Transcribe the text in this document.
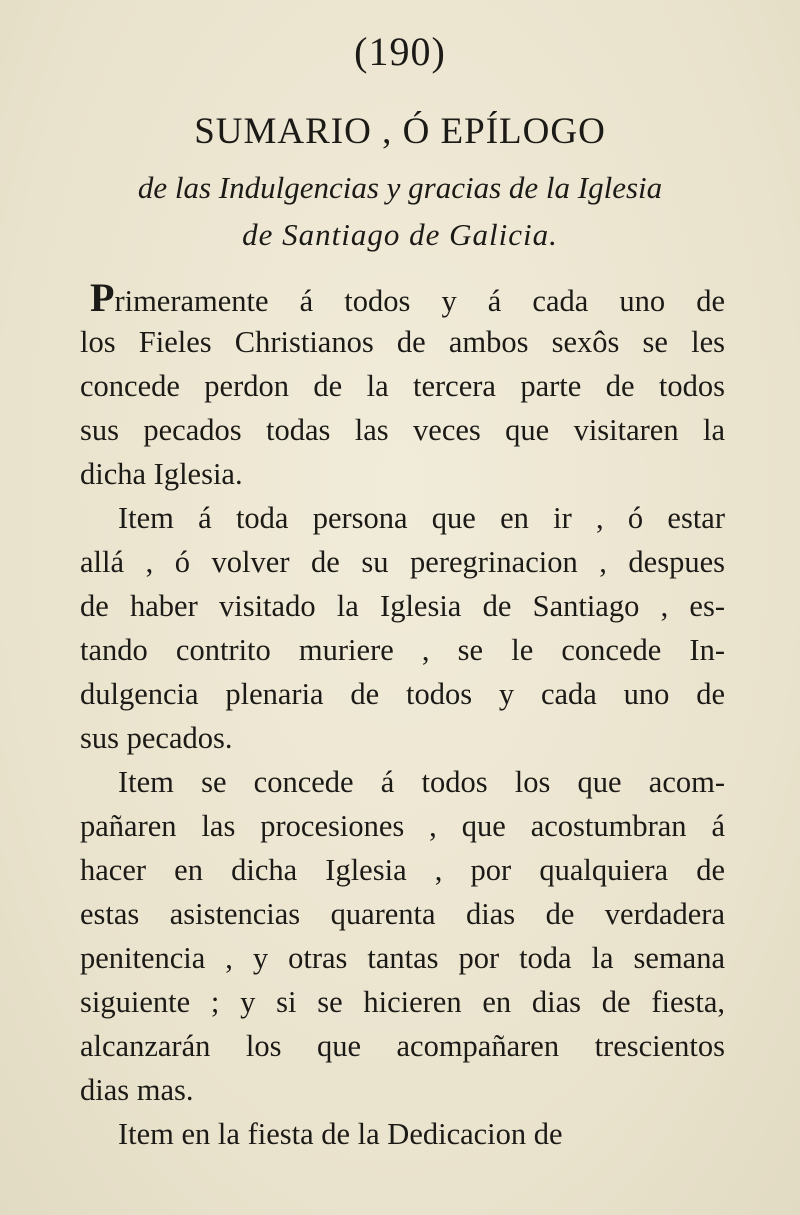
(190)
SUMARIO , Ó EPÍLOGO
de las Indulgencias y gracias de la Iglesia
de Santiago de Galicia.
Primeramente á todos y á cada uno de
los Fieles Christianos de ambos sexôs se les
concede perdon de la tercera parte de todos
sus pecados todas las veces que visitaren la
dicha Iglesia.
Item á toda persona que en ir , ó estar
allá , ó volver de su peregrinacion , despues
de haber visitado la Iglesia de Santiago , es-
tando contrito muriere , se le concede In-
dulgencia plenaria de todos y cada uno de
sus pecados.
Item se concede á todos los que acom-
pañaren las procesiones , que acostumbran á
hacer en dicha Iglesia , por qualquiera de
estas asistencias quarenta dias de verdadera
penitencia , y otras tantas por toda la semana
siguiente ; y si se hicieren en dias de fiesta,
alcanzarán los que acompañaren trescientos
dias mas.
Item en la fiesta de la Dedicacion de
